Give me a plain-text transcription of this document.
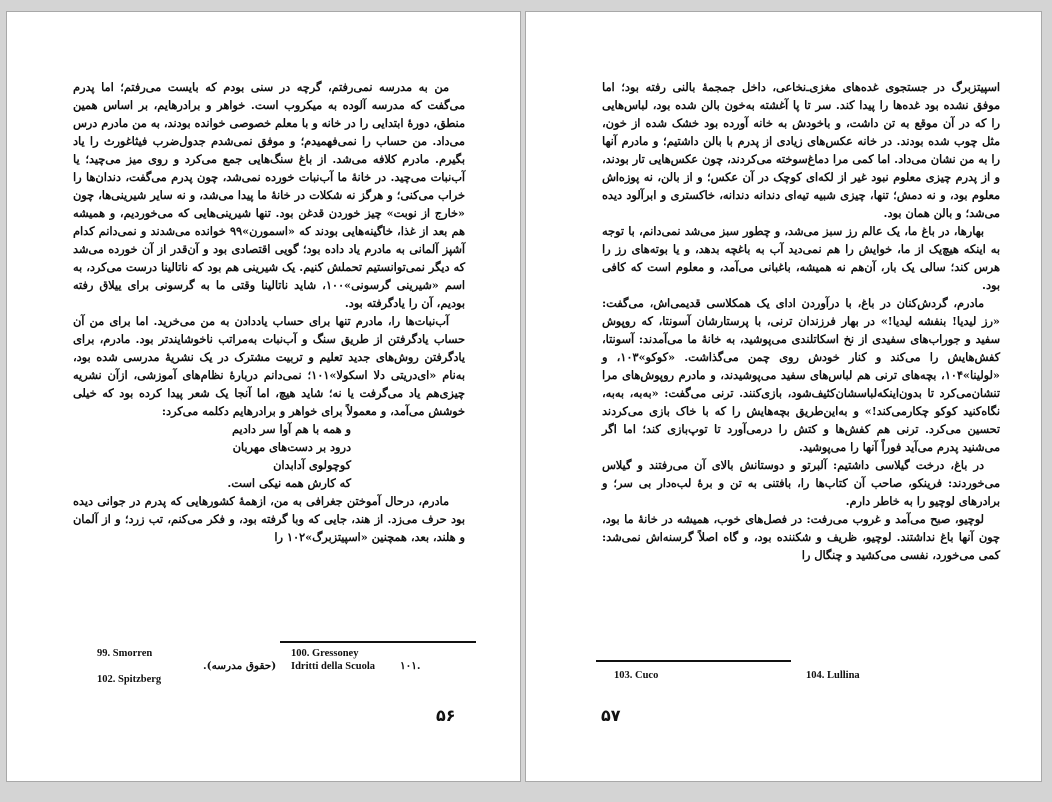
من به مدرسه نمی‌رفتم، گرچه در سنی بودم که بایست می‌رفتم؛ اما پدرم می‌گفت که مدرسه آلوده به میکروب است. خواهر و برادرهایم، بر اساس همین منطق، دورهٔ ابتدایی را در خانه و با معلم خصوصی خوانده بودند، به من مادرم درس می‌داد. من حساب را نمی‌فهمیدم؛ و موفق نمی‌شدم جدول‌ضرب فیثاغورث را یاد بگیرم. مادرم کلافه می‌شد. از باغ سنگ‌هایی جمع می‌کرد و روی میز می‌چید؛ یا آب‌نبات می‌چید. در خانهٔ ما آب‌نبات خورده نمی‌شد، چون پدرم می‌گفت، دندان‌ها را خراب می‌کنی؛ و هرگز نه شکلات در خانهٔ ما پیدا می‌شد، و نه سایر شیرینی‌ها، چون «خارج از نوبت» چیز خوردن قدغن بود. تنها شیرینی‌هایی که می‌خوردیم، و همیشه هم بعد از غذا، خاگینه‌هایی بودند که «اسمورن»۹۹ خوانده می‌شدند و نمی‌دانم کدام آشپز آلمانی به مادرم یاد داده بود؛ گویی اقتصادی بود و آن‌قدر از آن خورده می‌شد که دیگر نمی‌توانستیم تحملش کنیم. یک شیرینی هم بود که ناتالینا درست می‌کرد، به اسم «شیرینی گرسونی»۱۰۰، شاید ناتالینا وقتی ما به گرسونی برای ییلاق رفته بودیم، آن را یادگرفته بود.

آب‌نبات‌ها را، مادرم تنها برای حساب یاددادن به من می‌خرید. اما برای من آن حساب یادگرفتن از طریق سنگ و آب‌نبات به‌مراتب ناخوشایندتر بود. مادرم، برای یادگرفتن روش‌های جدید تعلیم و تربیت مشترک در یک نشریهٔ مدرسی شده بود، به‌نام «ای‌دریتی دلا اسکولا»۱۰۱؛ نمی‌دانم دربارهٔ نظام‌های آموزشی، ازآن نشریه چیزی‌هم یاد می‌گرفت یا نه؛ شاید هیچ، اما آنجا یک شعر پیدا کرده بود که خیلی خوشش می‌آمد، و معمولاً برای خواهر و برادرهایم دکلمه می‌کرد:

و همه با هم آوا سر دادیم
درود بر دست‌های مهربان
کوچولوی آدابدان
که کارش همه نیکی است.

مادرم، درحال آموختن جغرافی به من، ازهمهٔ کشورهایی که پدرم در جوانی دیده بود حرف می‌زد. از هند، جایی که وبا گرفته بود، و فکر می‌کنم، تب زرد؛ و از آلمان و هلند، بعد، همچنین «اسپیتزبرگ»۱۰۲ را

99. Smorren	100. Gressoney
(حقوق مدرسه). Idritti della Scuola .۱۰۱
102. Spitzberg
۵۶

اسپیتزبرگ در جستجوی غده‌های مغزی‌ـ‌نخاعی، داخل جمجمهٔ بالنی رفته بود؛ اما موفق نشده بود غده‌ها را پیدا کند. سر تا پا آغشته به‌خون بالن شده بود، لباس‌هایی را که در آن موقع به تن داشت، و باخودش به خانه آورده بود خشک شده از خون، مثل چوب شده بودند. در خانه عکس‌های زیادی از پدرم با بالن داشتیم؛ و مادرم آنها را به من نشان می‌داد. اما کمی مرا دماغ‌سوخته می‌کردند، چون عکس‌هایی تار بودند، و از پدرم چیزی معلوم نبود غیر از لکه‌ای کوچک در آن عکس؛ و از بالن، نه پوزه‌اش معلوم بود، و نه دمش؛ تنها، چیزی شبیه تیه‌ای دندانه دندانه، خاکستری و ابرآلود دیده می‌شد؛ و بالن همان بود.

بهارها، در باغ ما، یک عالم رز سبز می‌شد، و چطور سبز می‌شد نمی‌دانم، با توجه به اینکه هیچ‌یک از ما، خوایش را هم نمی‌دید آب به باغچه بدهد، و یا بوته‌های رز را هرس کند؛ سالی یک بار، آن‌هم نه همیشه، باغبانی می‌آمد، و معلوم است که کافی بود.

مادرم، گردش‌کنان در باغ، با درآوردن ادای یک همکلاسی قدیمی‌اش، می‌گفت: «رز لیدیا! بنفشه لیدیا!» در بهار فرزندان ترنی، با پرستارشان آسونتا، که روپوش سفید و جوراب‌های سفیدی از نخ اسکاتلندی می‌پوشید، به خانهٔ ما می‌آمدند: آسونتا، کفش‌هایش را می‌کند و کنار خودش روی چمن می‌گذاشت. «کوکو»۱۰۳، و «لولینا»۱۰۴، بچه‌های ترنی هم لباس‌های سفید می‌پوشیدند، و مادرم روپوش‌های مرا تنشان‌می‌کرد تا بدون‌اینکه‌لباسشان‌کثیف‌شود، بازی‌کنند. ترنی می‌گفت: «به‌به، به‌به، نگاه‌کنید کوکو چکارمی‌کند!» و به‌این‌طریق بچه‌هایش را که با خاک بازی می‌کردند تحسین می‌کرد. ترنی هم کفش‌ها و کتش را درمی‌آورد تا توپ‌بازی کند؛ اما اگر می‌شنید پدرم می‌آید فوراً آنها را می‌پوشید.

در باغ، درخت گیلاسی داشتیم: آلبرتو و دوستانش بالای آن می‌رفتند و گیلاس می‌خوردند: فرینکو، صاحب آن کتاب‌ها را، بافتنی به تن و برهٔ لب‌ه‌دار بی سر؛ و برادرهای لوچیو را به خاطر دارم.

لوچیو، صبح می‌آمد و غروب می‌رفت: در فصل‌های خوب، همیشه در خانهٔ ما بود، چون آنها باغ نداشتند. لوچیو، ظریف و شکننده بود، و گاه اصلاً گرسنه‌اش نمی‌شد: کمی می‌خورد، نفسی می‌کشید و چنگال را

103. Cuco	104. Lullina
۵۷
